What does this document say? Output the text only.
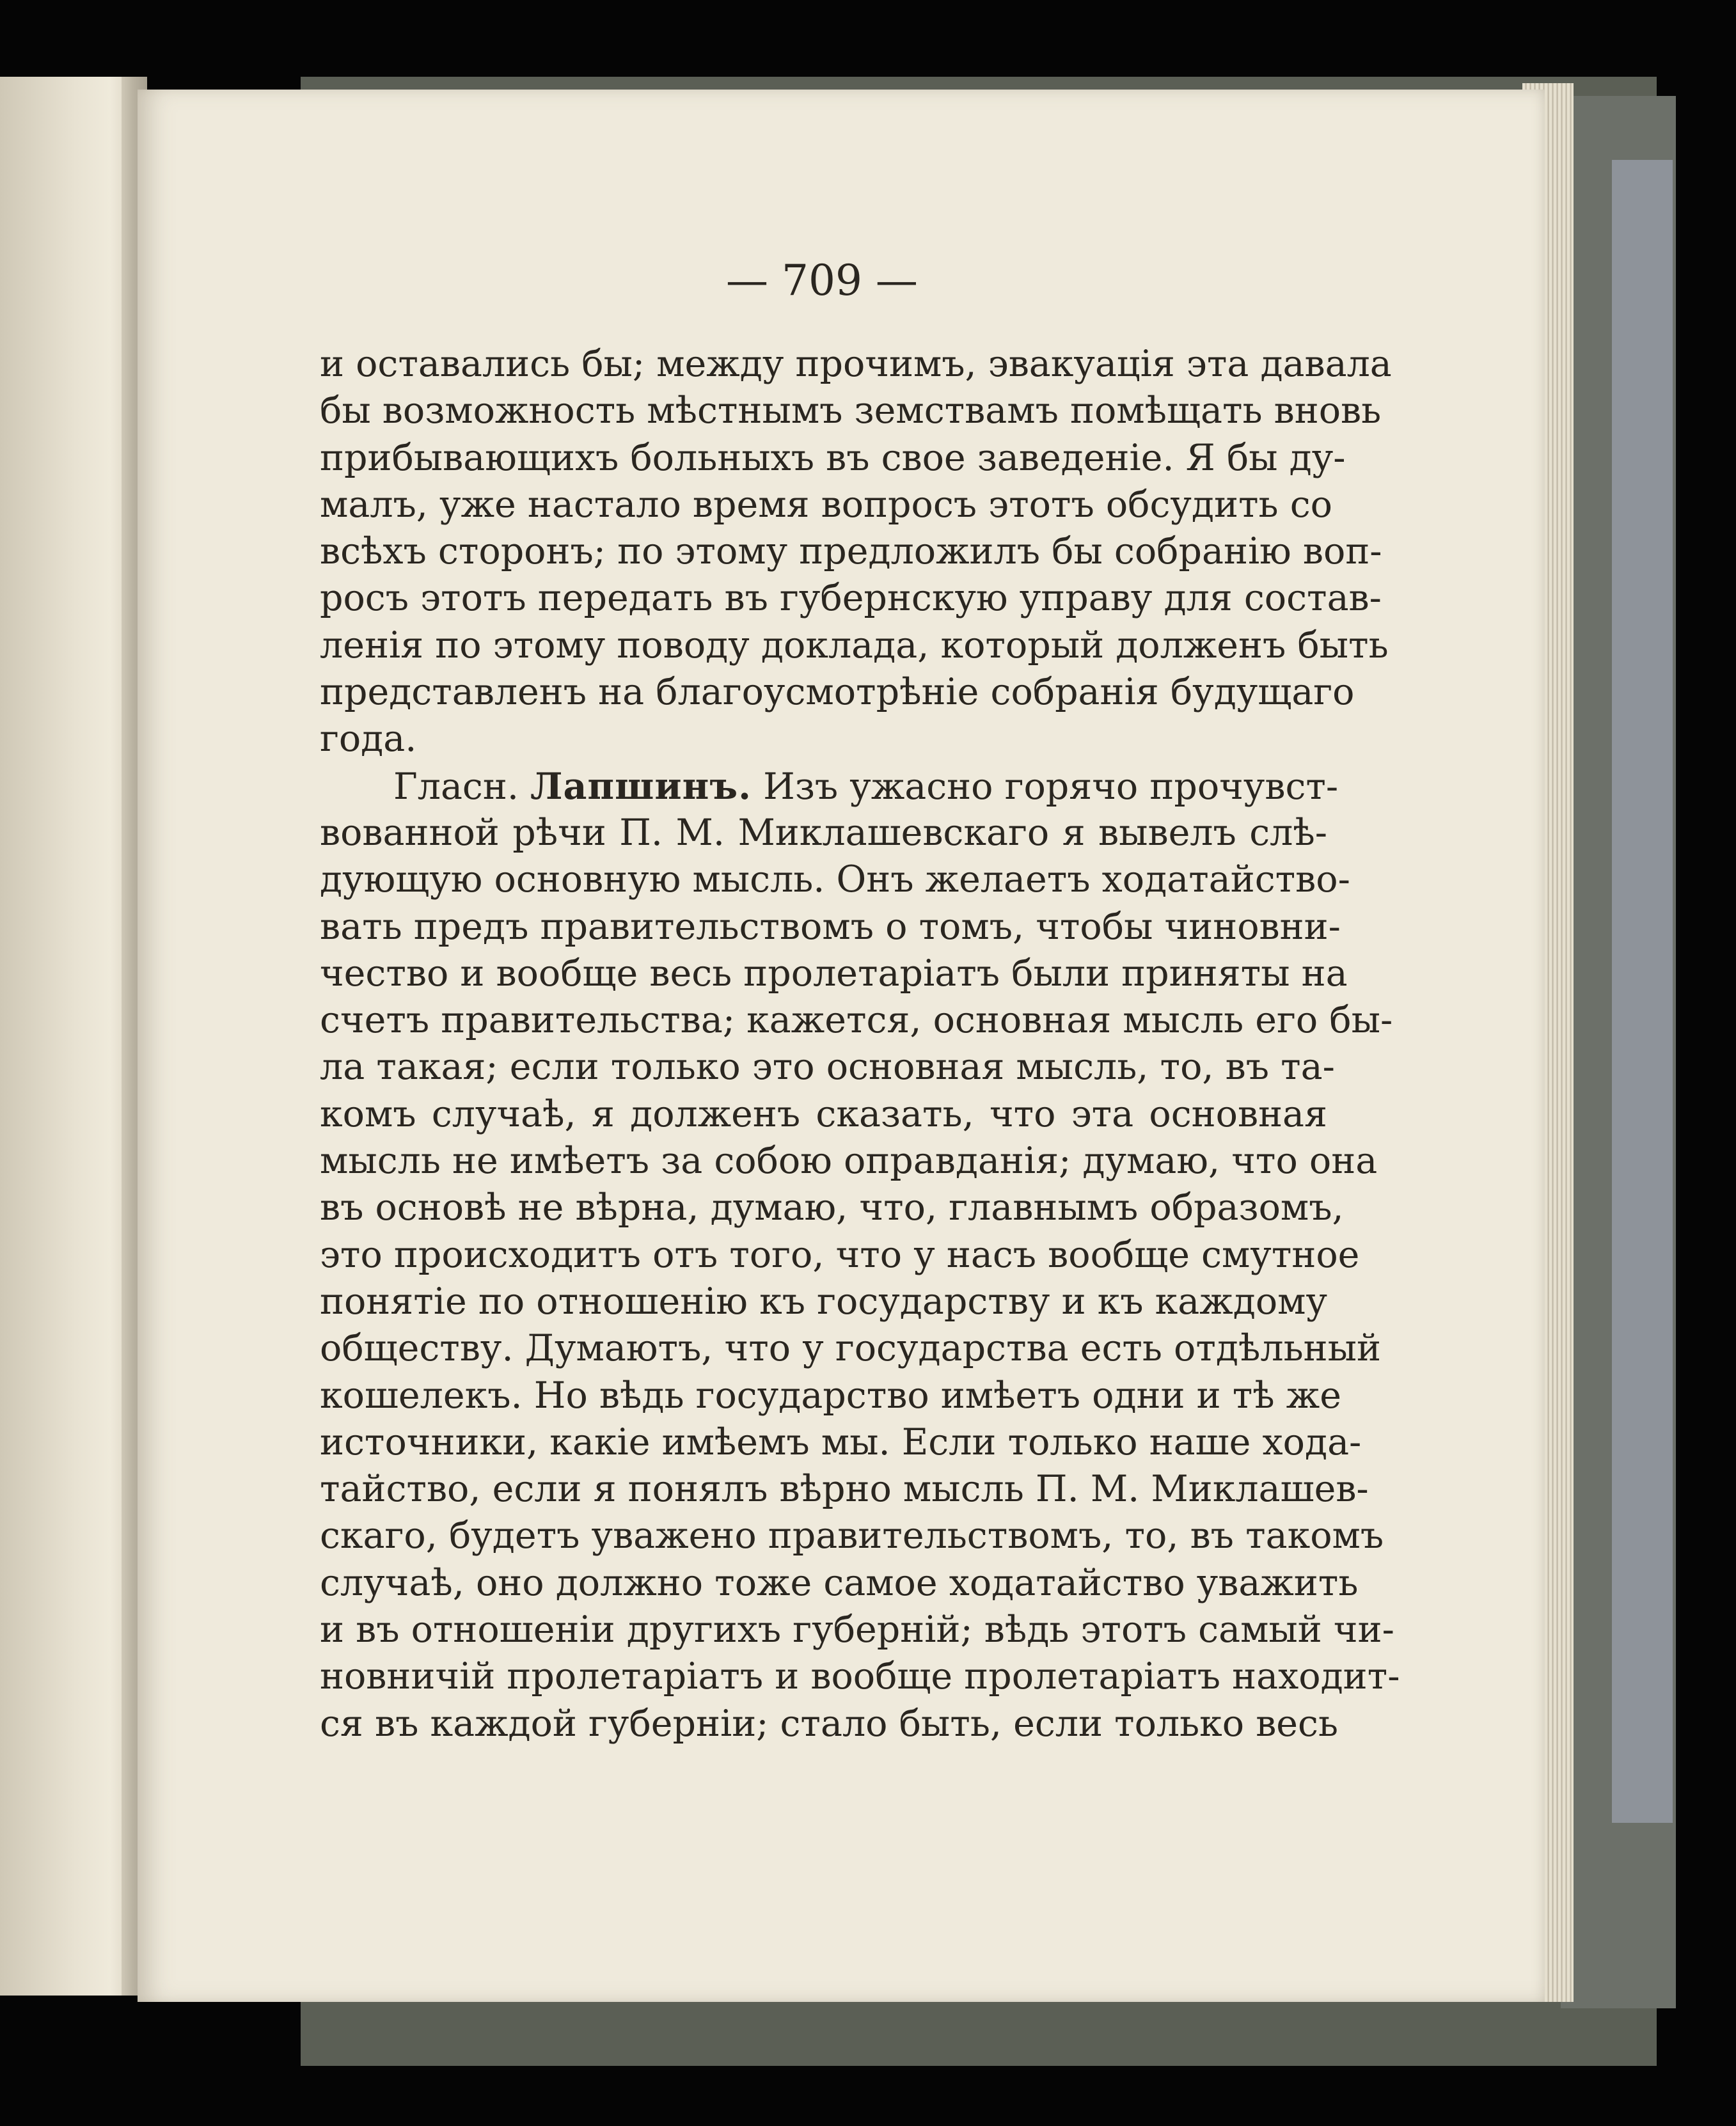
— 709 —
и оставались бы; между прочимъ, эвакуація эта давала
бы возможность мѣстнымъ земствамъ помѣщать вновь
прибывающихъ больныхъ въ свое заведеніе. Я бы ду-
малъ, уже настало время вопросъ этотъ обсудить со
всѣхъ сторонъ; по этому предложилъ бы собранію воп-
росъ этотъ передать въ губернскую управу для состав-
ленія по этому поводу доклада, который долженъ быть
представленъ на благоусмотрѣніе собранія будущаго
года.
Гласн. Лапшинъ. Изъ ужасно горячо прочувст-
вованной рѣчи П. М. Миклашевскаго я вывелъ слѣ-
дующую основную мысль. Онъ желаетъ ходатайство-
вать предъ правительствомъ о томъ, чтобы чиновни-
чество и вообще весь пролетаріатъ были приняты на
счетъ правительства; кажется, основная мысль его бы-
ла такая; если только это основная мысль, то, въ та-
комъ случаѣ, я долженъ сказать, что эта основная
мысль не имѣетъ за собою оправданія; думаю, что она
въ основѣ не вѣрна, думаю, что, главнымъ образомъ,
это происходитъ отъ того, что у насъ вообще смутное
понятіе по отношенію къ государству и къ каждому
обществу. Думаютъ, что у государства есть отдѣльный
кошелекъ. Но вѣдь государство имѣетъ одни и тѣ же
источники, какіе имѣемъ мы. Если только наше хода-
тайство, если я понялъ вѣрно мысль П. М. Миклашев-
скаго, будетъ уважено правительствомъ, то, въ такомъ
случаѣ, оно должно тоже самое ходатайство уважить
и въ отношеніи другихъ губерній; вѣдь этотъ самый чи-
новничій пролетаріатъ и вообще пролетаріатъ находит-
ся въ каждой губерніи; стало быть, если только весь
